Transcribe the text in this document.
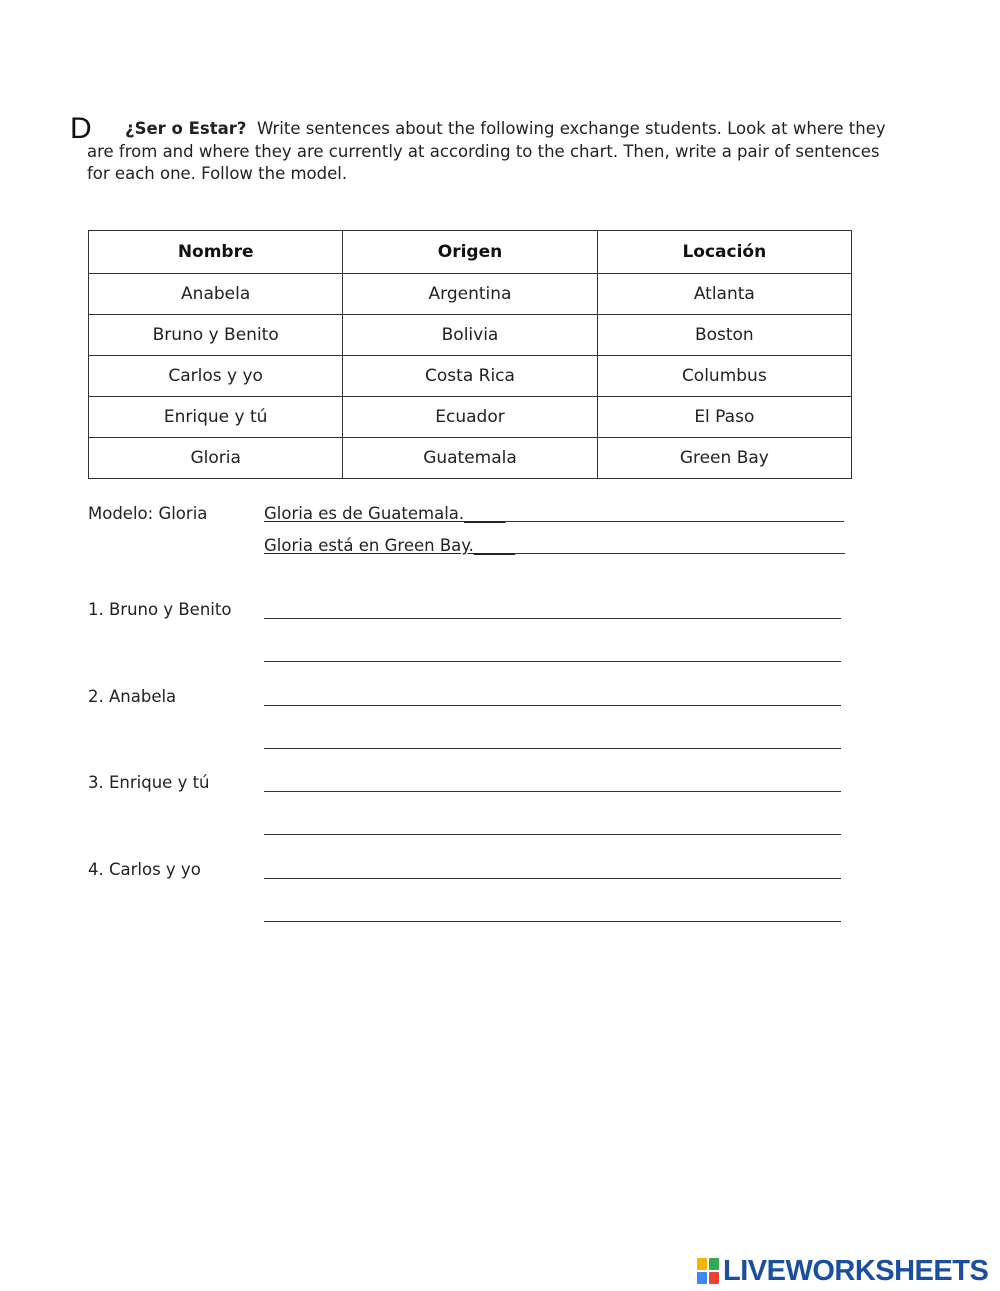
D	¿Ser o Estar? Write sentences about the following exchange students. Look at where they are from and where they are currently at according to the chart. Then, write a pair of sentences for each one. Follow the model.
Nombre	Origen	Locación
Anabela	Argentina	Atlanta
Bruno y Benito	Bolivia	Boston
Carlos y yo	Costa Rica	Columbus
Enrique y tú	Ecuador	El Paso
Gloria	Guatemala	Green Bay
Modelo: Gloria	Gloria es de Guatemala._____
Gloria está en Green Bay._____
1. Bruno y Benito
2. Anabela
3. Enrique y tú
4. Carlos y yo
LIVEWORKSHEETS
